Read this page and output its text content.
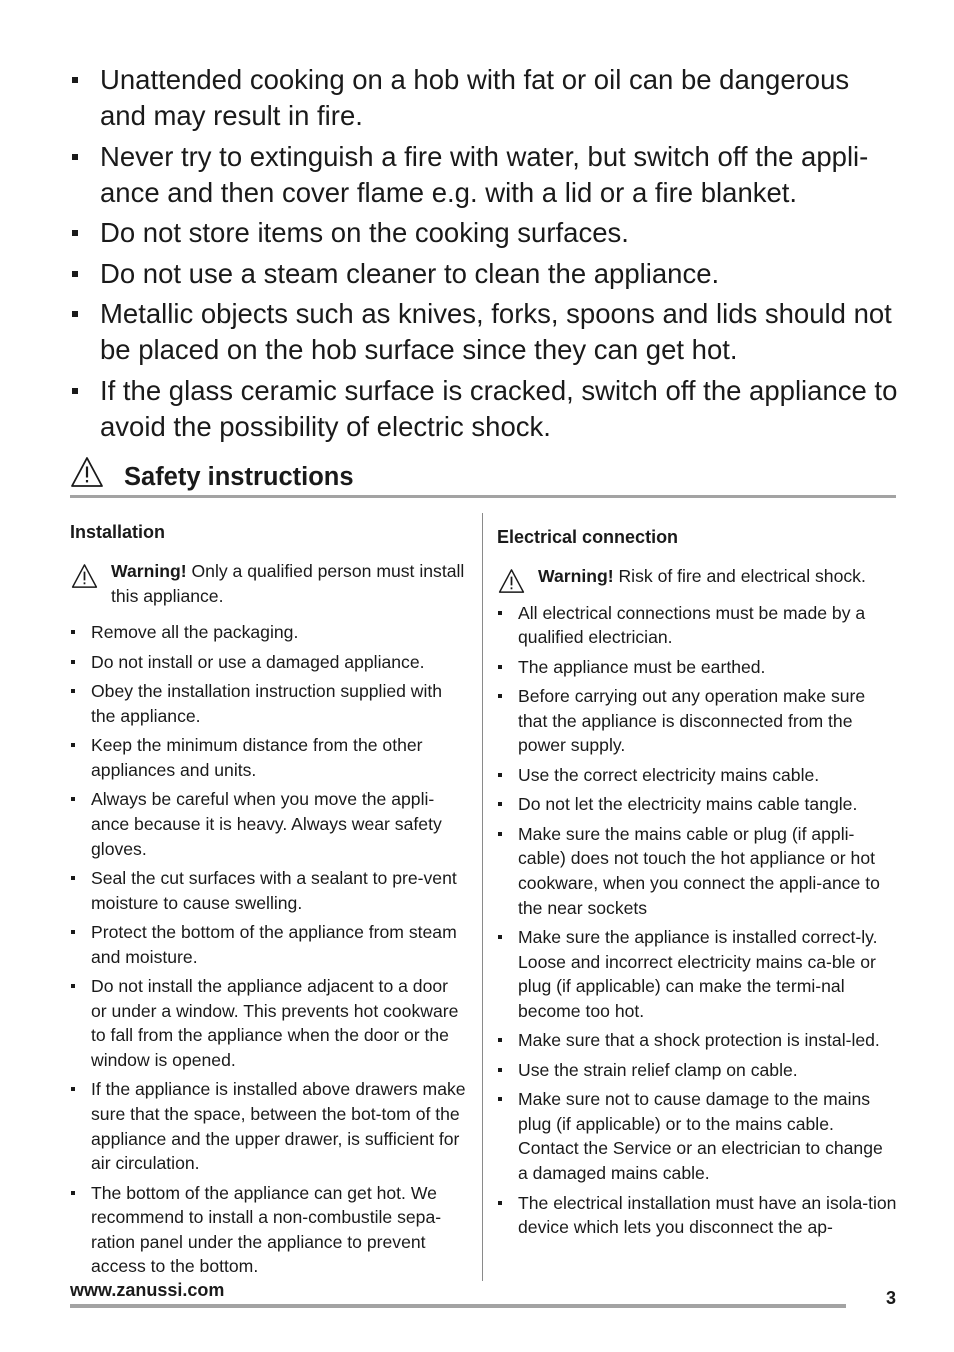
Unattended cooking on a hob with fat or oil can be dangerous and may result in fire.
Never try to extinguish a fire with water, but switch off the appli-ance and then cover flame e.g. with a lid or a fire blanket.
Do not store items on the cooking surfaces.
Do not use a steam cleaner to clean the appliance.
Metallic objects such as knives, forks, spoons and lids should not be placed on the hob surface since they can get hot.
If the glass ceramic surface is cracked, switch off the appliance to avoid the possibility of electric shock.
Safety instructions
Installation
Warning! Only a qualified person must install this appliance.
Remove all the packaging.
Do not install or use a damaged appliance.
Obey the installation instruction supplied with the appliance.
Keep the minimum distance from the other appliances and units.
Always be careful when you move the appli-ance because it is heavy. Always wear safety gloves.
Seal the cut surfaces with a sealant to pre-vent moisture to cause swelling.
Protect the bottom of the appliance from steam and moisture.
Do not install the appliance adjacent to a door or under a window. This prevents hot cookware to fall from the appliance when the door or the window is opened.
If the appliance is installed above drawers make sure that the space, between the bot-tom of the appliance and the upper drawer, is sufficient for air circulation.
The bottom of the appliance can get hot. We recommend to install a non-combustile sepa-ration panel under the appliance to prevent access to the bottom.
Electrical connection
Warning! Risk of fire and electrical shock.
All electrical connections must be made by a qualified electrician.
The appliance must be earthed.
Before carrying out any operation make sure that the appliance is disconnected from the power supply.
Use the correct electricity mains cable.
Do not let the electricity mains cable tangle.
Make sure the mains cable or plug (if appli-cable) does not touch the hot appliance or hot cookware, when you connect the appli-ance to the near sockets
Make sure the appliance is installed correct-ly. Loose and incorrect electricity mains ca-ble or plug (if applicable) can make the termi-nal become too hot.
Make sure that a shock protection is instal-led.
Use the strain relief clamp on cable.
Make sure not to cause damage to the mains plug (if applicable) or to the mains cable. Contact the Service or an electrician to change a damaged mains cable.
The electrical installation must have an isola-tion device which lets you disconnect the ap-

www.zanussi.com	3
